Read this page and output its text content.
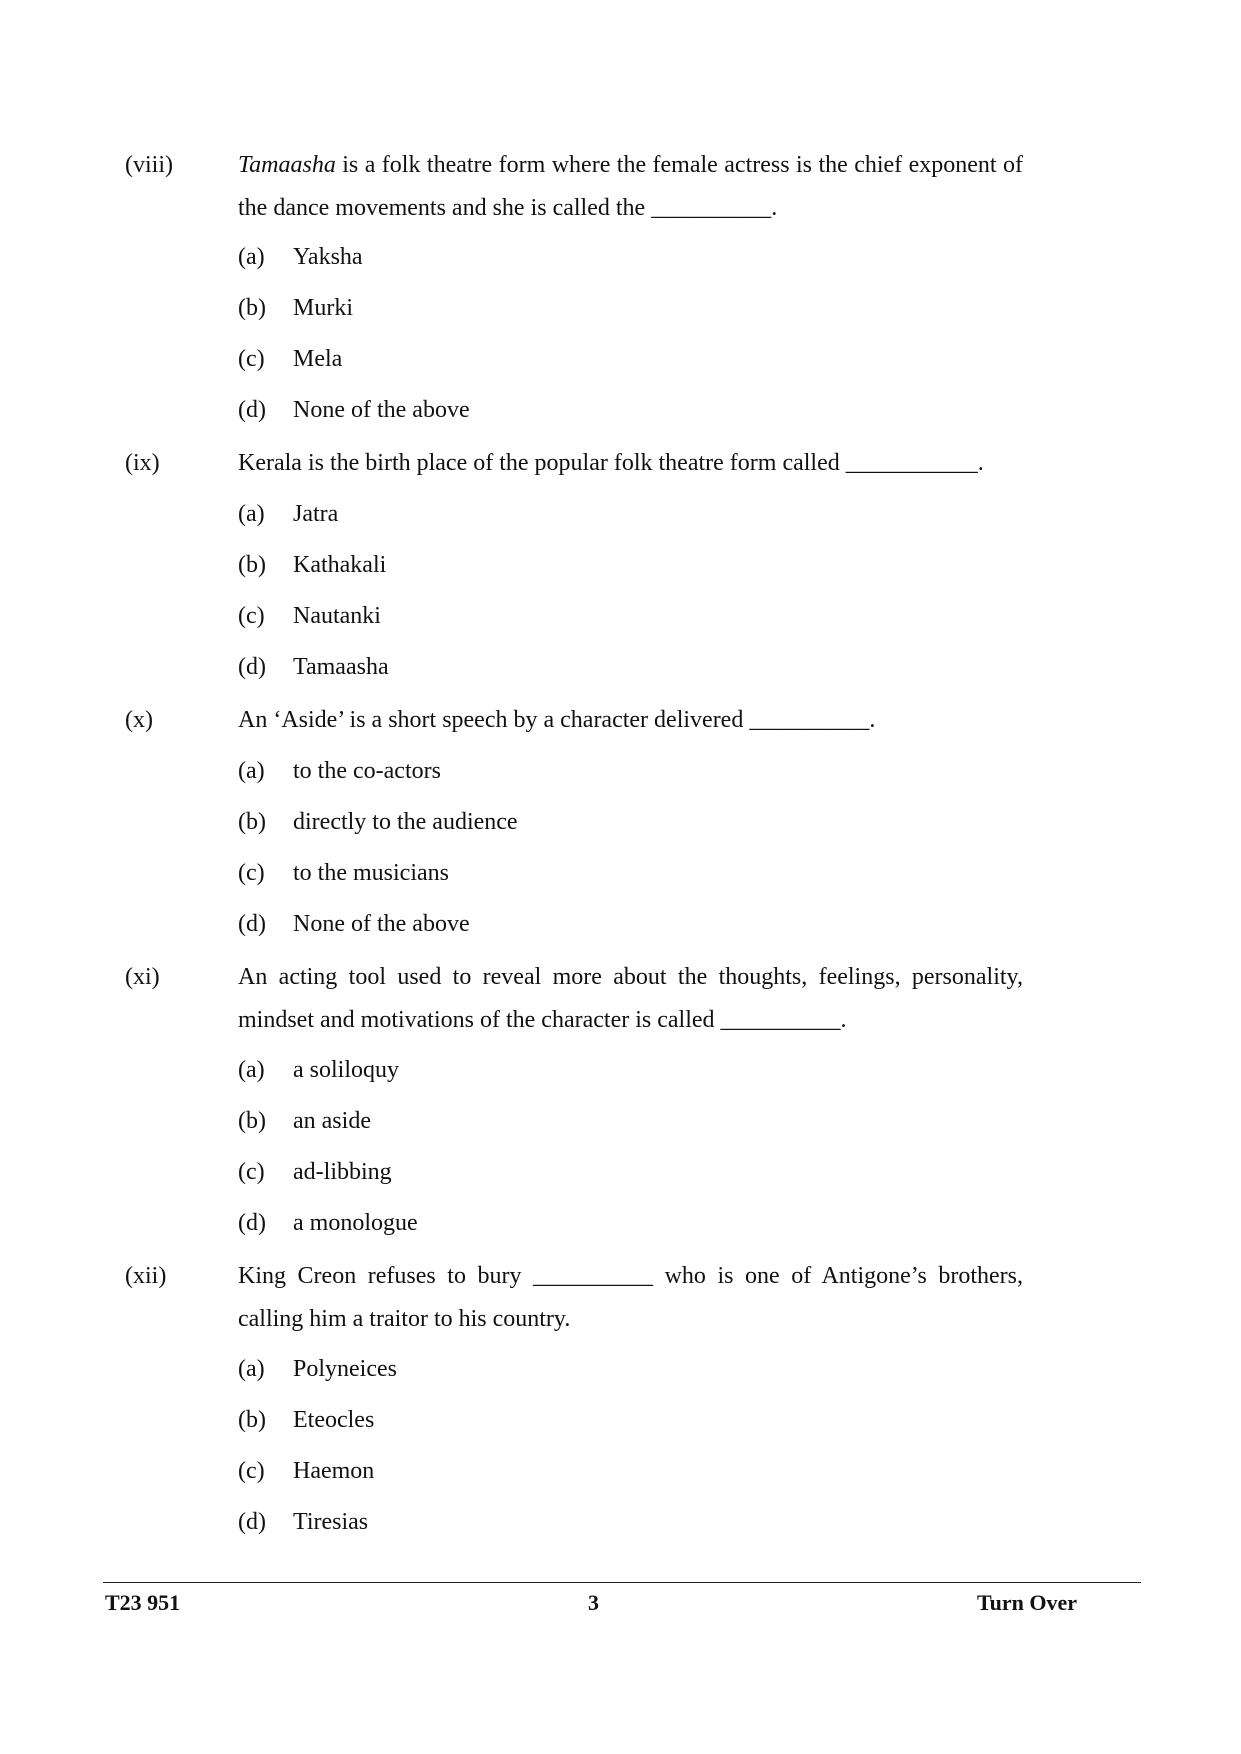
(viii)	Tamaasha is a folk theatre form where the female actress is the chief exponent of the dance movements and she is called the __________.
(a) Yaksha
(b) Murki
(c) Mela
(d) None of the above
(ix)	Kerala is the birth place of the popular folk theatre form called ___________.
(a) Jatra
(b) Kathakali
(c) Nautanki
(d) Tamaasha
(x)	An ‘Aside’ is a short speech by a character delivered __________.
(a) to the co-actors
(b) directly to the audience
(c) to the musicians
(d) None of the above
(xi)	An acting tool used to reveal more about the thoughts, feelings, personality, mindset and motivations of the character is called __________.
(a) a soliloquy
(b) an aside
(c) ad-libbing
(d) a monologue
(xii)	King Creon refuses to bury __________ who is one of Antigone’s brothers, calling him a traitor to his country.
(a) Polyneices
(b) Eteocles
(c) Haemon
(d) Tiresias
T23 951	3	Turn Over
